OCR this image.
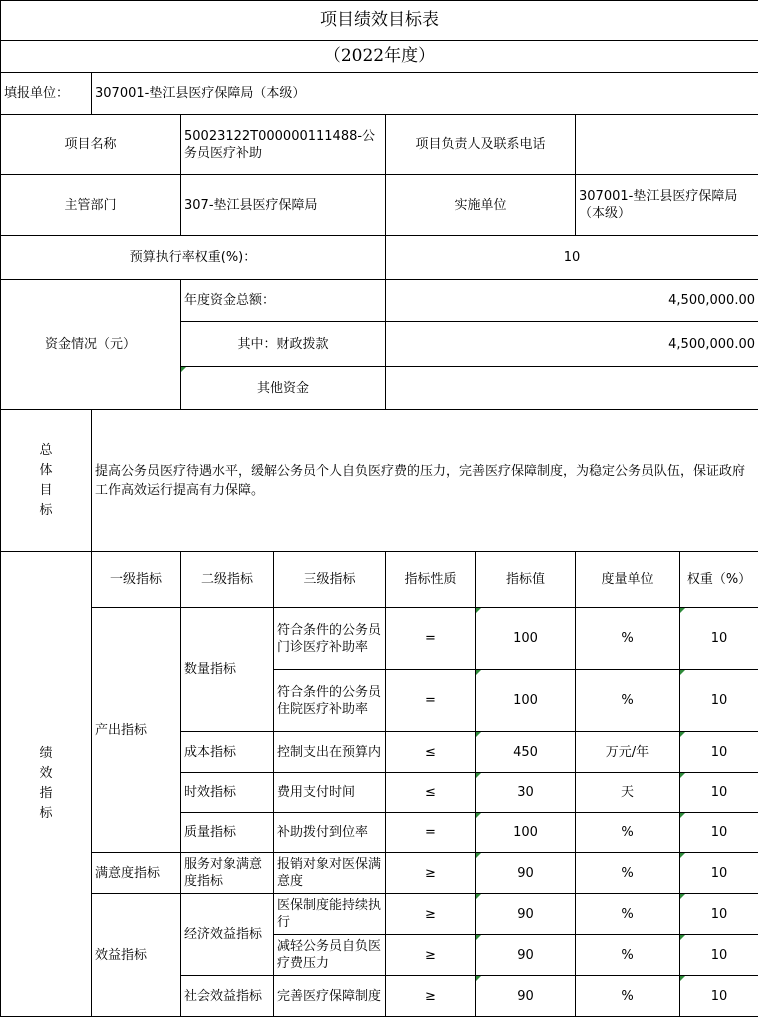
项目绩效目标表							
（2022年度）							
填报单位：	307001-垫江县医疗保障局（本级）						
项目名称		50023122T000000111488-公务员医疗补助		项目负责人及联系电话			
主管部门		307-垫江县医疗保障局		实施单位		307001-垫江县医疗保障局（本级）	
预算执行率权重(%)：				10			
资金情况（元）		年度资金总额：		4,500,000.00			
		其中：财政拨款		4,500,000.00			
		其他资金					
总
体
目
标	提高公务员医疗待遇水平，缓解公务员个人自负医疗费的压力，完善医疗保障制度，为稳定公务员队伍，保证政府工作高效运行提高有力保障。						
绩
效
指
标	一级指标	二级指标	三级指标	指标性质	指标值	度量单位	权重（%）
	产出指标	数量指标	符合条件的公务员门诊医疗补助率	=	100	%	10
			符合条件的公务员住院医疗补助率	=	100	%	10
		成本指标	控制支出在预算内	≤	450	万元/年	10
		时效指标	费用支付时间	≤	30	天	10
		质量指标	补助拨付到位率	=	100	%	10
	满意度指标	服务对象满意度指标	报销对象对医保满意度	≥	90	%	10
	效益指标	经济效益指标	医保制度能持续执行	≥	90	%	10
			减轻公务员自负医疗费压力	≥	90	%	10
		社会效益指标	完善医疗保障制度	≥	90	%	10
